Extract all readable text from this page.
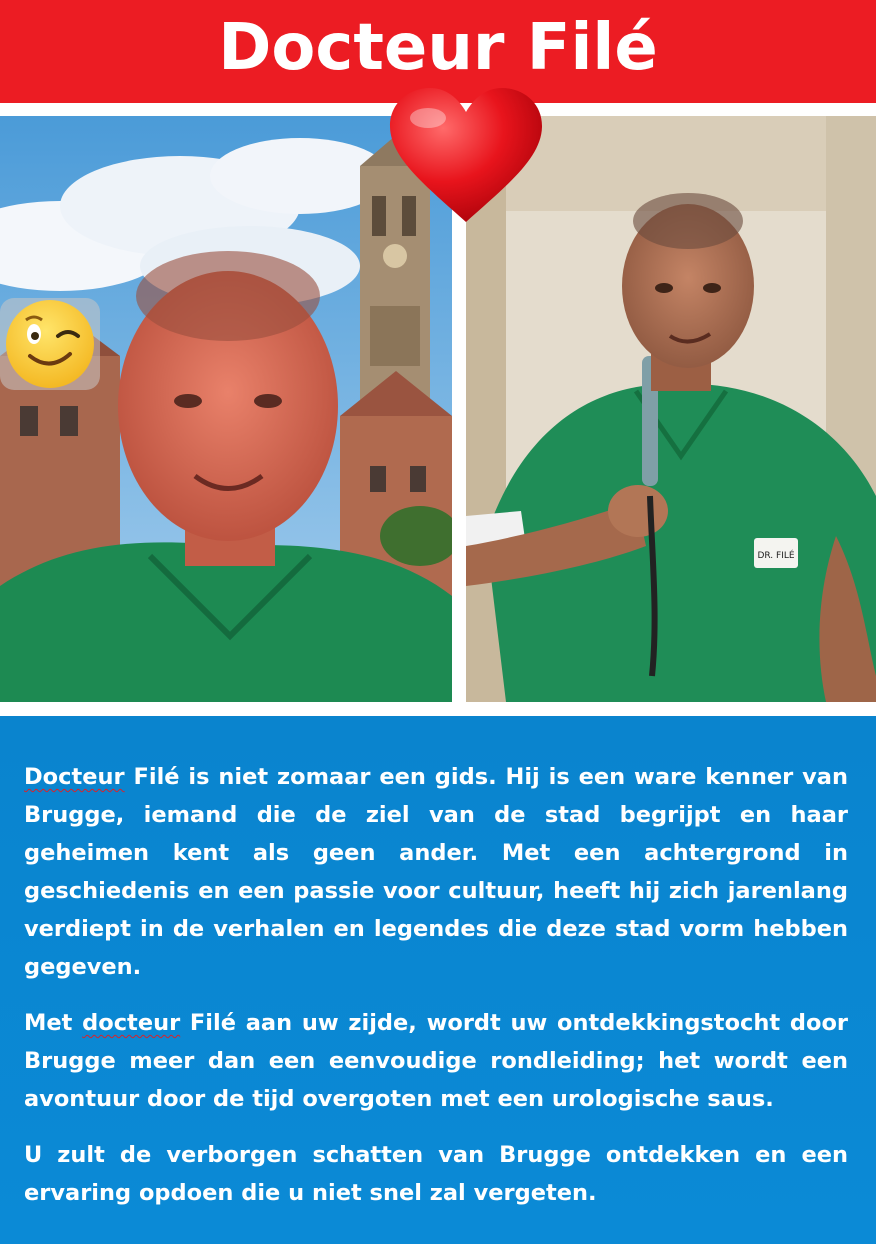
Docteur Filé
DR. FILÉ

Docteur Filé is niet zomaar een gids. Hij is een ware kenner van Brugge, iemand die de ziel van de stad begrijpt en haar geheimen kent als geen ander. Met een achtergrond in geschiedenis en een passie voor cultuur, heeft hij zich jarenlang verdiept in de verhalen en legendes die deze stad vorm hebben gegeven.

Met docteur Filé aan uw zijde, wordt uw ontdekkingstocht door Brugge meer dan een eenvoudige rondleiding; het wordt een avontuur door de tijd overgoten met een urologische saus.

U zult de verborgen schatten van Brugge ontdekken en een ervaring opdoen die u niet snel zal vergeten.
